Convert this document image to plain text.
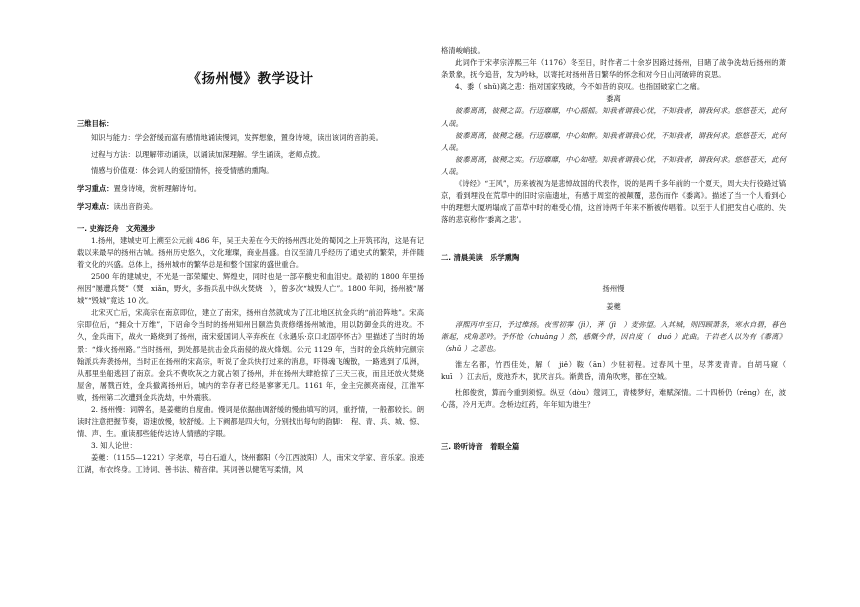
《扬州慢》教学设计

三维目标：

知识与能力：学会舒缓而富有感情地诵读慢词，发挥想象，置身诗境，读出该词的音韵美。

过程与方法：以理解带动诵读，以诵读加深理解。学生诵读，老师点拨。

情感与价值观：体会词人的爱国情怀，接受情感的熏陶。

学习重点：置身诗境，赏析理解诗句。

学习难点：读出音韵美。

一. 史海泛舟　文苑漫步

1.扬州，建城史可上溯至公元前 486 年，吴王夫差在今天的扬州西北处的蜀冈之上开筑邗沟，这是有记载以来最早的扬州古城。扬州历史悠久，文化璀璨，商业昌盛。自汉至清几乎经历了通史式的繁荣，并伴随着文化的兴盛。总体上，扬州城市的繁华总是和整个国家的盛世重合。

2500 年的建城史，不光是一部荣耀史、辉煌史，同时也是一部辛酸史和血泪史。最初的 1800 年里扬州因“屡遭兵燹”（燹　xiǎn，野火，多指兵乱中纵火焚烧　），曾多次“城毁人亡”。1800 年间，扬州被“屠城”“毁城”竟达 10 次。

北宋灭亡后，宋高宗在南京即位，建立了南宋，扬州自然就成为了江北地区抗金兵的“前沿阵地”。宋高宗即位后，“拥众十万维”，下诏命令当时的扬州知州吕颐浩负责修缮扬州城池，用以防御金兵的进攻。不久，金兵南下，战火一路烧到了扬州，南宋爱国词人辛弃疾在《永遇乐·京口北固亭怀古》里描述了当时的场景：“烽火扬州路。”当时扬州，到处都是抗击金兵南侵的战火烽烟。公元 1129 年，当时的金兵统帅完颜宗翰派兵奔袭扬州，当时正在扬州的宋高宗，听说了金兵快打过来的消息，吓得魂飞魄散，一路逃到了瓜洲，从那里坐船逃回了南京。金兵不费吹灰之力就占领了扬州，并在扬州大肆抢掠了三天三夜，而且还放火焚烧屋舍，屠戮百姓，金兵撤离扬州后，城内的幸存者已经是寥寥无几。1161 年，金主完颜亮南侵，江淮军败，扬州第二次遭到金兵洗劫，中外震骇。

2. 扬州慢：词牌名，是姜夔的自度曲。慢词是依据曲调舒缓的慢曲填写的词，重抒情，一般都较长。朗读时注意把握节奏，语速放慢，较舒缓。上下阙都是四大句，分别找出每句的韵脚：　程、青、兵、城、惊、情、声、生。重读那些能传达诗人情感的字眼。

3. 知人论世：

姜夔：（1155—1221）字尧章，号白石道人，饶州鄱阳（今江西波阳）人，南宋文学家、音乐家。浪迹江湖，布衣终身。工诗词、善书法、精音律。其词善以健笔写柔情，风

格清峻峭拔。

此词作于宋孝宗淳熙三年（1176）冬至日，时作者二十余岁因路过扬州，目睹了战争洗劫后扬州的萧条景象，抚今追昔，发为吟咏，以寄托对扬州昔日繁华的怀念和对今日山河破碎的哀思。

4、黍（ shǔ)离之悲：指对国家残破，今不如昔的哀叹。也指国破家亡之痛。

黍离

彼黍离离，彼稷之苗。行迈靡靡，中心摇摇。知我者谓我心忧，不知我者，谓我何求。悠悠苍天，此何人哉。

彼黍离离，彼稷之穗。行迈靡靡，中心如醉。知我者谓我心忧，不知我者，谓我何求。悠悠苍天，此何人哉。

彼黍离离，彼稷之实。行迈靡靡，中心如噎。知我者谓我心忧，不知我者，谓我何求。悠悠苍天，此何人哉。

《诗经》“王风”，历来被视为是悲悼故国的代表作，说的是两千多年前的一个夏天，周大夫行役路过镐京，看到埋没在荒草中的旧时宗庙遗址，有感于周室的被颠覆，悲伤而作《黍离》。描述了当一个人看到心中的理想大厦坍塌成了苗草中时的难受心情，这首诗两千年来不断被传唱着。以至于人们把发自心底的、失落的悲哀称作‘黍离之悲’。

二. 清晨美读　乐学熏陶

扬州慢

姜夔

淳熙丙申至日，予过维扬。夜雪初霁（jì），荠（jì　）麦弥望。入其城，则四顾萧条，寒水自碧，暮色渐起，戍角悲吟。予怀怆（chuàng ）然，感慨今昔，因自度（　duó ）此曲。千岩老人以为有《黍离》（shǔ ）之悲也。

淮左名都，竹西佳处，解（　jiě）鞍（ān）少驻初程。过春风十里，尽荠麦青青。自胡马窥（　kuī　）江去后，废池乔木，犹厌言兵。渐黄昏，清角吹寒，都在空城。

杜郎俊赏，算而今重到须惊。纵豆（dòu）蔻词工，青楼梦好，难赋深情。二十四桥仍（réng）在，波心荡，冷月无声。念桥边红药，年年知为谁生？

三. 聆听诗音　着眼全篇
